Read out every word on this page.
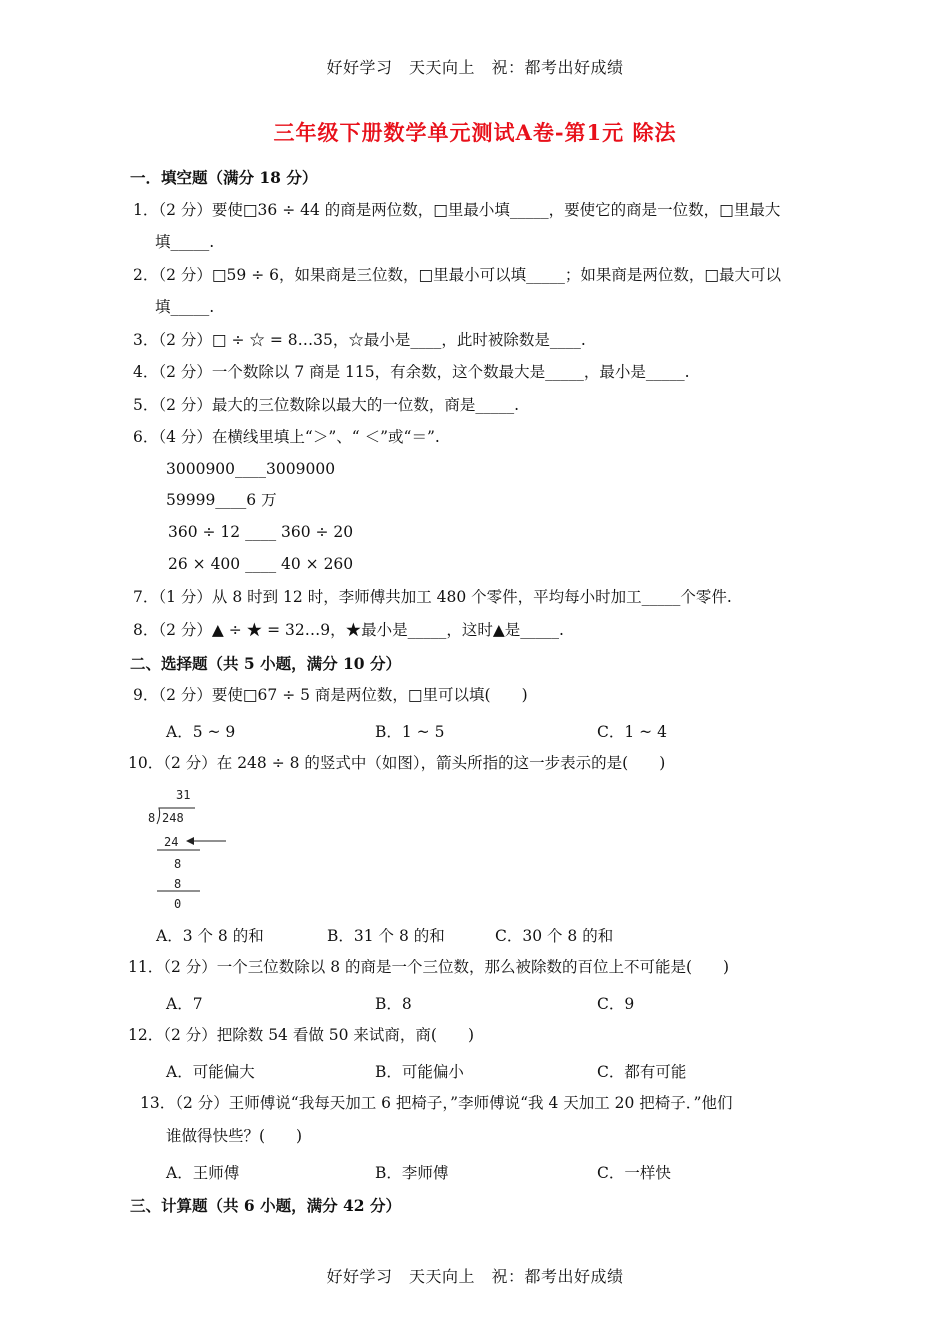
好好学习　天天向上　祝：都考出好成绩
三年级下册数学单元测试A卷-第1元 除法
一．填空题（满分 18 分）
1．（2 分）要使□36 ÷ 44 的商是两位数，□里最小填_____，要使它的商是一位数，□里最大
填_____.
2．（2 分）□59 ÷ 6，如果商是三位数，□里最小可以填_____；如果商是两位数，□最大可以
填_____.
3．（2 分）□ ÷ ☆ = 8…35，☆最小是____，此时被除数是____.
4．（2 分）一个数除以 7 商是 115，有余数，这个数最大是_____，最小是_____.
5．（2 分）最大的三位数除以最大的一位数，商是_____.
6．（4 分）在横线里填上“＞”、“ ＜”或“＝”.
3000900____3009000
59999____6 万
360 ÷ 12 ____ 360 ÷ 20
26 × 400 ____ 40 × 260
7．（1 分）从 8 时到 12 时，李师傅共加工 480 个零件，平均每小时加工_____个零件.
8．（2 分）▲ ÷ ★ = 32…9，★最小是_____，这时▲是_____.
二、选择题（共 5 小题，满分 10 分）
9．（2 分）要使□67 ÷ 5 商是两位数，□里可以填(　　)
A．5 ~ 9	B．1 ~ 5	C．1 ~ 4
10．（2 分）在 248 ÷ 8 的竖式中（如图），箭头所指的这一步表示的是(　　)
31
8 248
24
8
8
0
A．3 个 8 的和	B．31 个 8 的和	C．30 个 8 的和
11．（2 分）一个三位数除以 8 的商是一个三位数，那么被除数的百位上不可能是(　　)
A．7	B．8	C．9
12．（2 分）把除数 54 看做 50 来试商，商(　　)
A．可能偏大	B．可能偏小	C．都有可能
13．（2 分）王师傅说“我每天加工 6 把椅子，”李师傅说“我 4 天加工 20 把椅子．”他们
谁做得快些？(　　)
A．王师傅	B．李师傅	C．一样快
三、计算题（共 6 小题，满分 42 分）
好好学习　天天向上　祝：都考出好成绩
